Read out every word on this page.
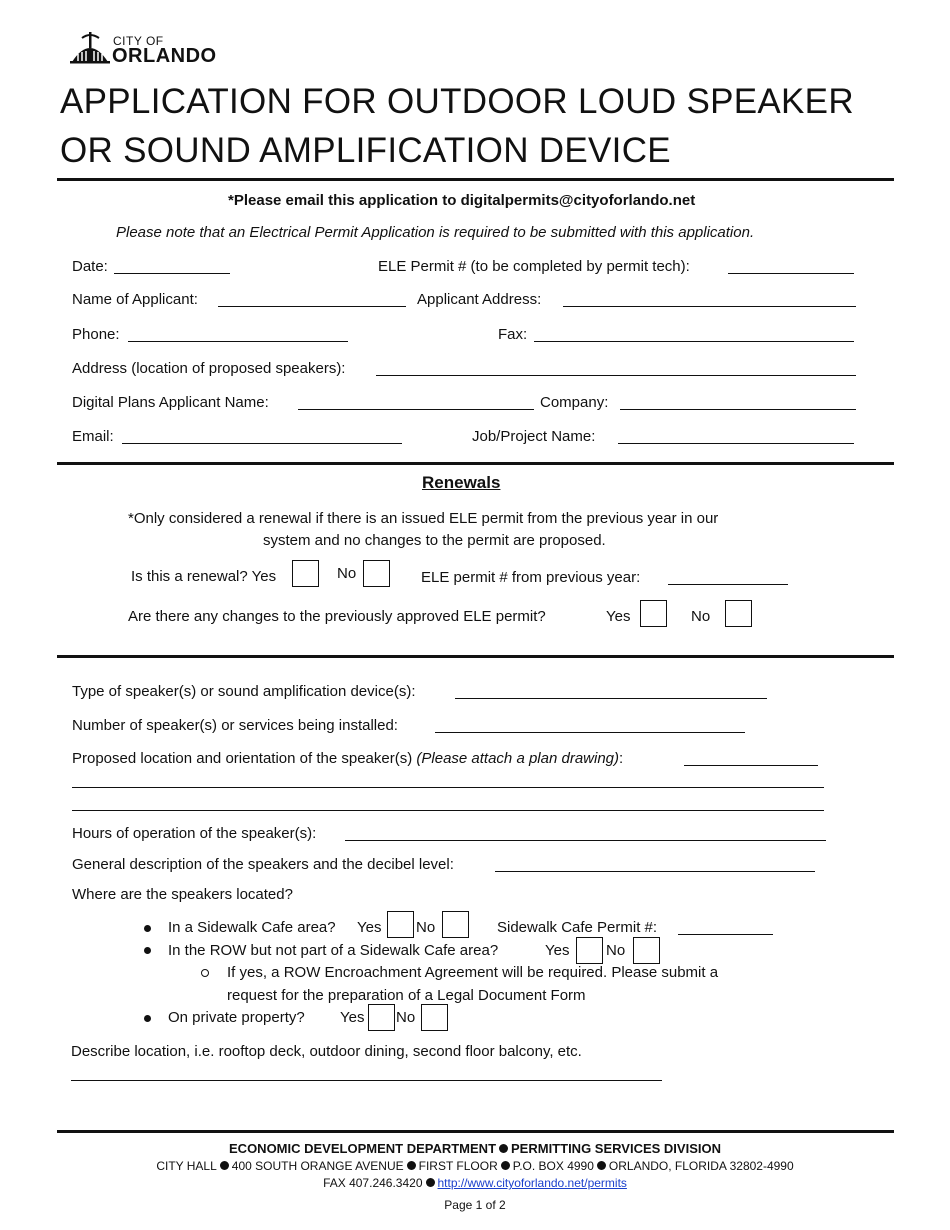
CITY OF
ORLANDO
APPLICATION FOR OUTDOOR LOUD SPEAKER
OR SOUND AMPLIFICATION DEVICE
*Please email this application to digitalpermits@cityoforlando.net
Please note that an Electrical Permit Application is required to be submitted with this application.
Date:	ELE Permit # (to be completed by permit tech):
Name of Applicant:	Applicant Address:
Phone:	Fax:
Address (location of proposed speakers):
Digital Plans Applicant Name:	Company:
Email:	Job/Project Name:
Renewals
*Only considered a renewal if there is an issued ELE permit from the previous year in our
system and no changes to the permit are proposed.
Is this a renewal? Yes	No	ELE permit # from previous year:
Are there any changes to the previously approved ELE permit?	Yes	No
Type of speaker(s) or sound amplification device(s):
Number of speaker(s) or services being installed:
Proposed location and orientation of the speaker(s) (Please attach a plan drawing):
Hours of operation of the speaker(s):
General description of the speakers and the decibel level:
Where are the speakers located?
In a Sidewalk Cafe area? Yes No	Sidewalk Cafe Permit #:
In the ROW but not part of a Sidewalk Cafe area?	Yes No
If yes, a ROW Encroachment Agreement will be required. Please submit a
request for the preparation of a Legal Document Form
On private property? Yes No
Describe location, i.e. rooftop deck, outdoor dining, second floor balcony, etc.
ECONOMIC DEVELOPMENT DEPARTMENT PERMITTING SERVICES DIVISION
CITY HALL 400 SOUTH ORANGE AVENUE FIRST FLOOR P.O. BOX 4990 ORLANDO, FLORIDA 32802-4990
FAX 407.246.3420 http://www.cityoforlando.net/permits
Page 1 of 2
